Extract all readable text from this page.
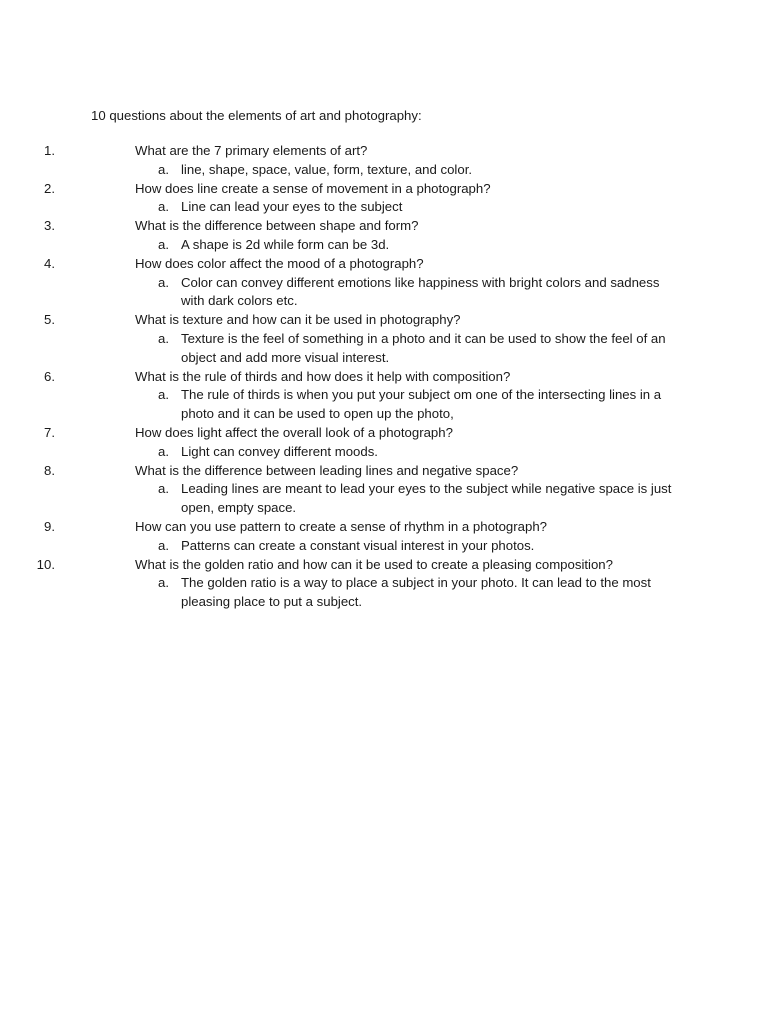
10 questions about the elements of art and photography:
1.	What are the 7 primary elements of art?
a. line, shape, space, value, form, texture, and color.
2.	How does line create a sense of movement in a photograph?
a. Line can lead your eyes to the subject
3.	What is the difference between shape and form?
a. A shape is 2d while form can be 3d.
4.	How does color affect the mood of a photograph?
a. Color can convey different emotions like happiness with bright colors and sadness with dark colors etc.
5.	What is texture and how can it be used in photography?
a. Texture is the feel of something in a photo and it can be used to show the feel of an object and add more visual interest.
6.	What is the rule of thirds and how does it help with composition?
a. The rule of thirds is when you put your subject om one of the intersecting lines in a photo and it can be used to open up the photo,
7.	How does light affect the overall look of a photograph?
a. Light can convey different moods.
8.	What is the difference between leading lines and negative space?
a. Leading lines are meant to lead your eyes to the subject while negative space is just open, empty space.
9.	How can you use pattern to create a sense of rhythm in a photograph?
a. Patterns can create a constant visual interest in your photos.
10.	What is the golden ratio and how can it be used to create a pleasing composition?
a. The golden ratio is a way to place a subject in your photo. It can lead to the most pleasing place to put a subject.
